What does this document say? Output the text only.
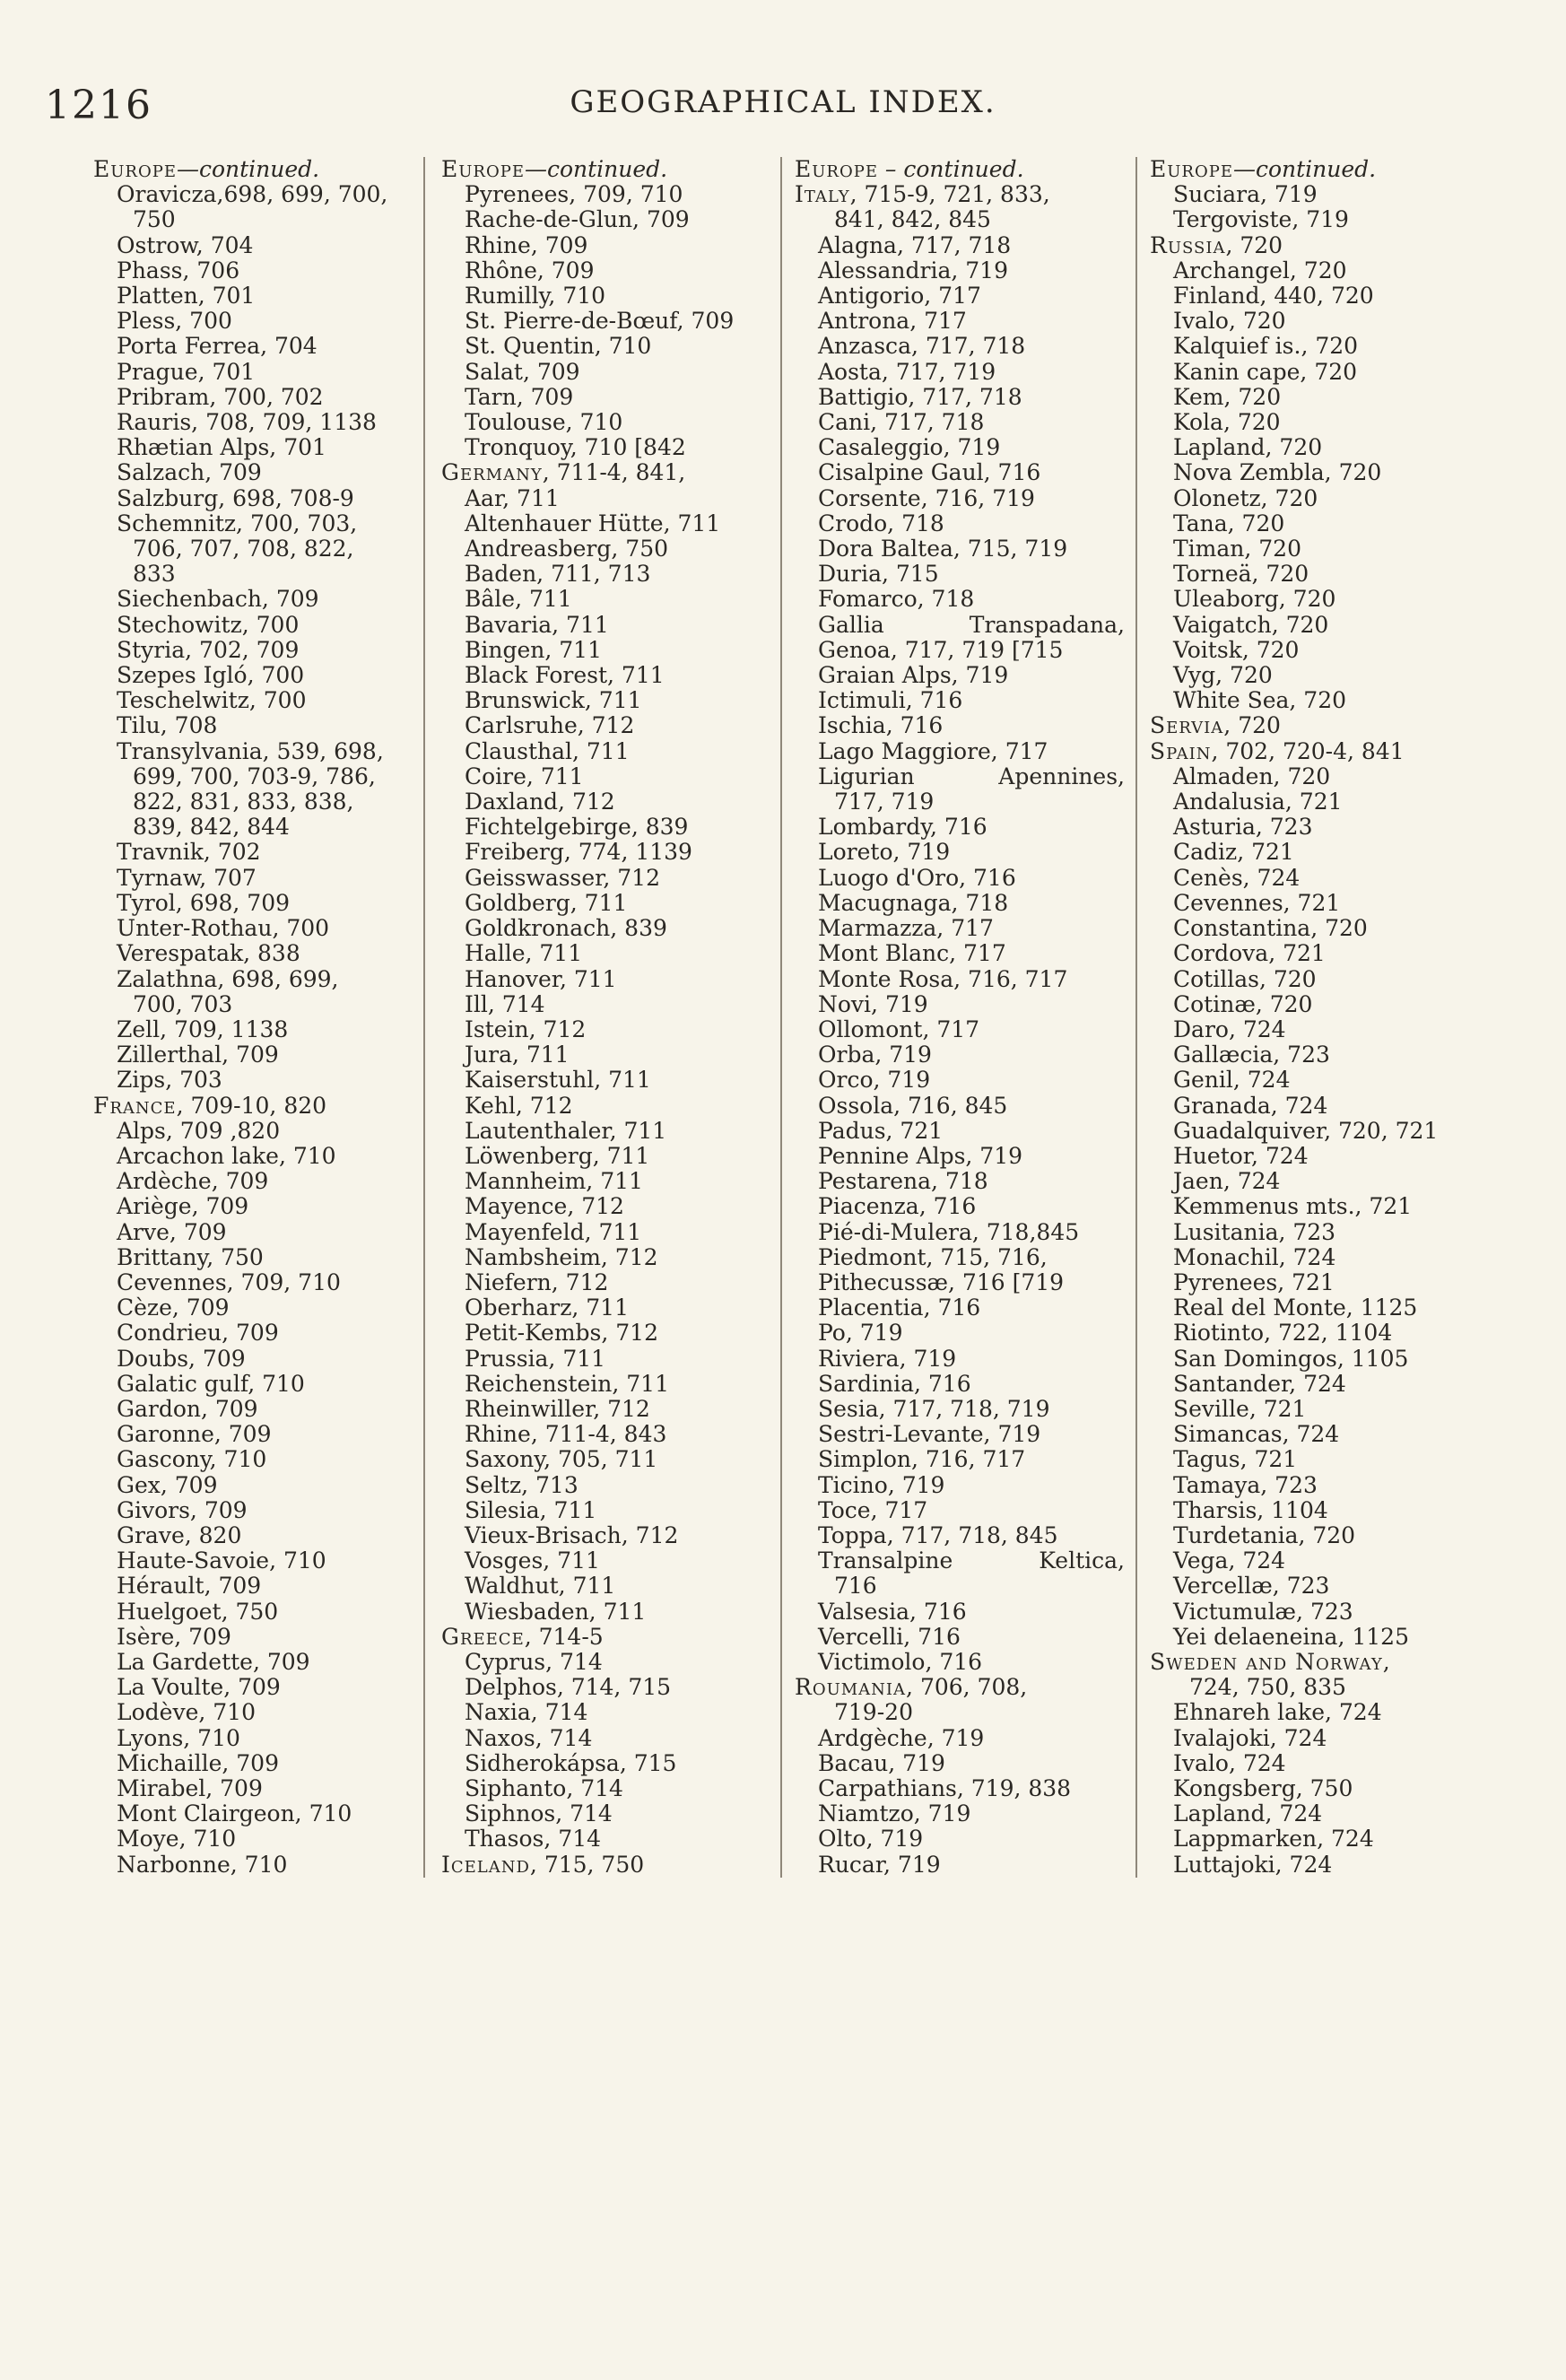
1216	GEOGRAPHICAL INDEX.
Europe—continued.
Oravicza,698, 699, 700,
750
Ostrow, 704
Phass, 706
Platten, 701
Pless, 700
Porta Ferrea, 704
Prague, 701
Pribram, 700, 702
Rauris, 708, 709, 1138
Rhætian Alps, 701
Salzach, 709
Salzburg, 698, 708-9
Schemnitz, 700, 703,
706, 707, 708, 822,
833
Siechenbach, 709
Stechowitz, 700
Styria, 702, 709
Szepes Igló, 700
Teschelwitz, 700
Tilu, 708
Transylvania, 539, 698,
699, 700, 703-9, 786,
822, 831, 833, 838,
839, 842, 844
Travnik, 702
Tyrnaw, 707
Tyrol, 698, 709
Unter-Rothau, 700
Verespatak, 838
Zalathna, 698, 699,
700, 703
Zell, 709, 1138
Zillerthal, 709
Zips, 703
France, 709-10, 820
Alps, 709 ,820
Arcachon lake, 710
Ardèche, 709
Ariège, 709
Arve, 709
Brittany, 750
Cevennes, 709, 710
Cèze, 709
Condrieu, 709
Doubs, 709
Galatic gulf, 710
Gardon, 709
Garonne, 709
Gascony, 710
Gex, 709
Givors, 709
Grave, 820
Haute-Savoie, 710
Hérault, 709
Huelgoet, 750
Isère, 709
La Gardette, 709
La Voulte, 709
Lodève, 710
Lyons, 710
Michaille, 709
Mirabel, 709
Mont Clairgeon, 710
Moye, 710
Narbonne, 710
Europe—continued.
Pyrenees, 709, 710
Rache-de-Glun, 709
Rhine, 709
Rhône, 709
Rumilly, 710
St. Pierre-de-Bœuf, 709
St. Quentin, 710
Salat, 709
Tarn, 709
Toulouse, 710
Tronquoy, 710 [842
Germany, 711-4, 841,
Aar, 711
Altenhauer Hütte, 711
Andreasberg, 750
Baden, 711, 713
Bâle, 711
Bavaria, 711
Bingen, 711
Black Forest, 711
Brunswick, 711
Carlsruhe, 712
Clausthal, 711
Coire, 711
Daxland, 712
Fichtelgebirge, 839
Freiberg, 774, 1139
Geisswasser, 712
Goldberg, 711
Goldkronach, 839
Halle, 711
Hanover, 711
Ill, 714
Istein, 712
Jura, 711
Kaiserstuhl, 711
Kehl, 712
Lautenthaler, 711
Löwenberg, 711
Mannheim, 711
Mayence, 712
Mayenfeld, 711
Nambsheim, 712
Niefern, 712
Oberharz, 711
Petit-Kembs, 712
Prussia, 711
Reichenstein, 711
Rheinwiller, 712
Rhine, 711-4, 843
Saxony, 705, 711
Seltz, 713
Silesia, 711
Vieux-Brisach, 712
Vosges, 711
Waldhut, 711
Wiesbaden, 711
Greece, 714-5
Cyprus, 714
Delphos, 714, 715
Naxia, 714
Naxos, 714
Sidherokápsa, 715
Siphanto, 714
Siphnos, 714
Thasos, 714
Iceland, 715, 750
Europe – continued.
Italy, 715-9, 721, 833,
841, 842, 845
Alagna, 717, 718
Alessandria, 719
Antigorio, 717
Antrona, 717
Anzasca, 717, 718
Aosta, 717, 719
Battigio, 717, 718
Cani, 717, 718
Casaleggio, 719
Cisalpine Gaul, 716
Corsente, 716, 719
Crodo, 718
Dora Baltea, 715, 719
Duria, 715
Fomarco, 718
Gallia	Transpadana,
Genoa, 717, 719 [715
Graian Alps, 719
Ictimuli, 716
Ischia, 716
Lago Maggiore, 717
Ligurian	Apennines,
717, 719
Lombardy, 716
Loreto, 719
Luogo d'Oro, 716
Macugnaga, 718
Marmazza, 717
Mont Blanc, 717
Monte Rosa, 716, 717
Novi, 719
Ollomont, 717
Orba, 719
Orco, 719
Ossola, 716, 845
Padus, 721
Pennine Alps, 719
Pestarena, 718
Piacenza, 716
Pié-di-Mulera, 718,845
Piedmont, 715, 716,
Pithecussæ, 716 [719
Placentia, 716
Po, 719
Riviera, 719
Sardinia, 716
Sesia, 717, 718, 719
Sestri-Levante, 719
Simplon, 716, 717
Ticino, 719
Toce, 717
Toppa, 717, 718, 845
Transalpine	Keltica,
716
Valsesia, 716
Vercelli, 716
Victimolo, 716
Roumania, 706, 708,
719-20
Ardgèche, 719
Bacau, 719
Carpathians, 719, 838
Niamtzo, 719
Olto, 719
Rucar, 719
Europe—continued.
Suciara, 719
Tergoviste, 719
Russia, 720
Archangel, 720
Finland, 440, 720
Ivalo, 720
Kalquief is., 720
Kanin cape, 720
Kem, 720
Kola, 720
Lapland, 720
Nova Zembla, 720
Olonetz, 720
Tana, 720
Timan, 720
Torneä, 720
Uleaborg, 720
Vaigatch, 720
Voitsk, 720
Vyg, 720
White Sea, 720
Servia, 720
Spain, 702, 720-4, 841
Almaden, 720
Andalusia, 721
Asturia, 723
Cadiz, 721
Cenès, 724
Cevennes, 721
Constantina, 720
Cordova, 721
Cotillas, 720
Cotinæ, 720
Daro, 724
Gallæcia, 723
Genil, 724
Granada, 724
Guadalquiver, 720, 721
Huetor, 724
Jaen, 724
Kemmenus mts., 721
Lusitania, 723
Monachil, 724
Pyrenees, 721
Real del Monte, 1125
Riotinto, 722, 1104
San Domingos, 1105
Santander, 724
Seville, 721
Simancas, 724
Tagus, 721
Tamaya, 723
Tharsis, 1104
Turdetania, 720
Vega, 724
Vercellæ, 723
Victumulæ, 723
Yei delaeneina, 1125
Sweden and Norway,
724, 750, 835
Ehnareh lake, 724
Ivalajoki, 724
Ivalo, 724
Kongsberg, 750
Lapland, 724
Lappmarken, 724
Luttajoki, 724
